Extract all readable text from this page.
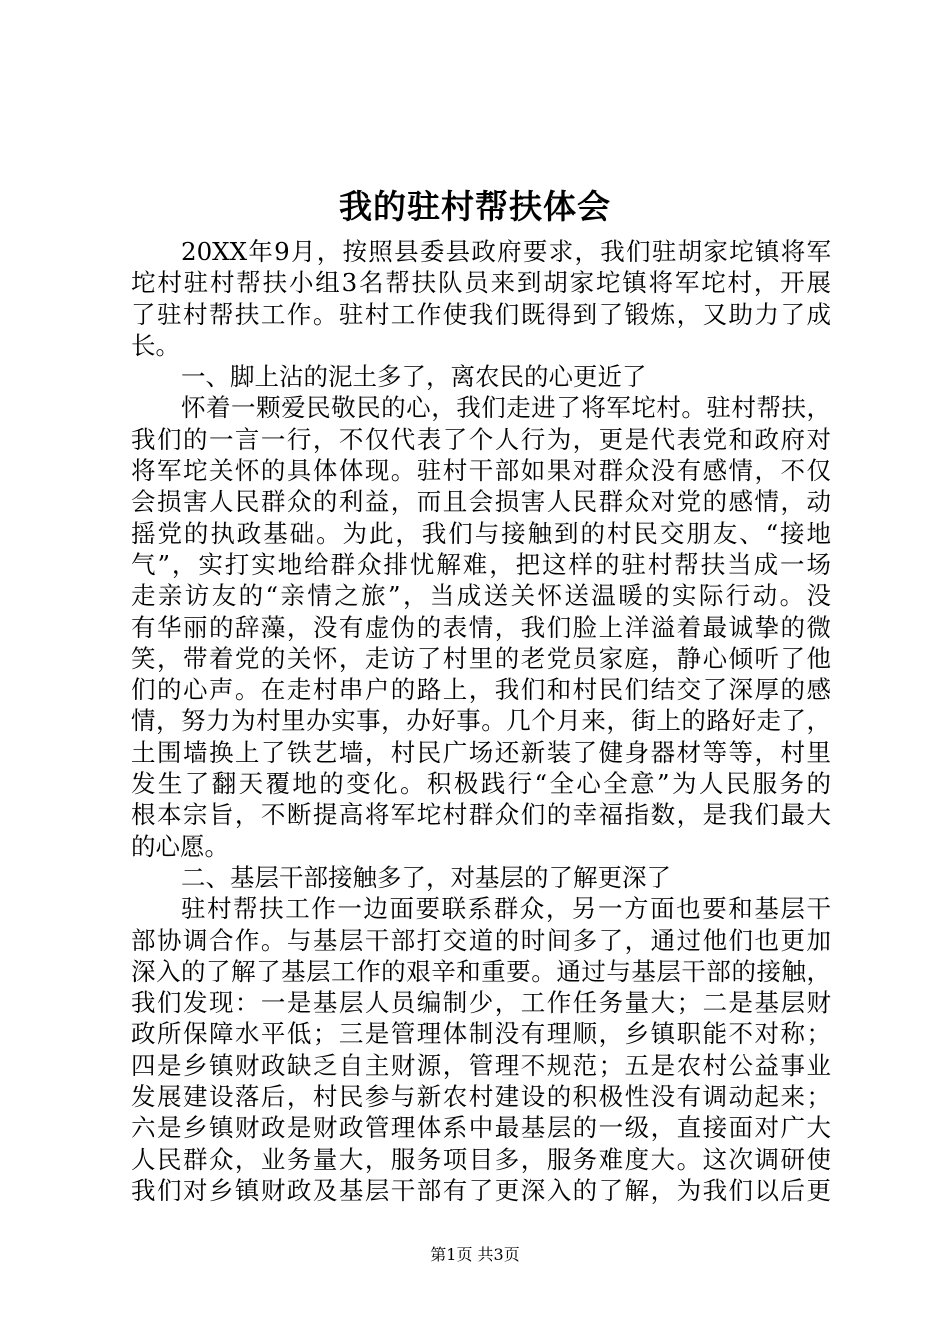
我的驻村帮扶体会
20XX年9月，按照县委县政府要求，我们驻胡家坨镇将军
坨村驻村帮扶小组3名帮扶队员来到胡家坨镇将军坨村，开展
了驻村帮扶工作。驻村工作使我们既得到了锻炼，又助力了成
长。
一、脚上沾的泥土多了，离农民的心更近了
怀着一颗爱民敬民的心，我们走进了将军坨村。驻村帮扶，
我们的一言一行，不仅代表了个人行为，更是代表党和政府对
将军坨关怀的具体体现。驻村干部如果对群众没有感情，不仅
会损害人民群众的利益，而且会损害人民群众对党的感情，动
摇党的执政基础。为此，我们与接触到的村民交朋友、“接地
气”，实打实地给群众排忧解难，把这样的驻村帮扶当成一场
走亲访友的“亲情之旅”，当成送关怀送温暖的实际行动。没
有华丽的辞藻，没有虚伪的表情，我们脸上洋溢着最诚挚的微
笑，带着党的关怀，走访了村里的老党员家庭，静心倾听了他
们的心声。在走村串户的路上，我们和村民们结交了深厚的感
情，努力为村里办实事，办好事。几个月来，街上的路好走了，
土围墙换上了铁艺墙，村民广场还新装了健身器材等等，村里
发生了翻天覆地的变化。积极践行“全心全意”为人民服务的
根本宗旨，不断提高将军坨村群众们的幸福指数，是我们最大
的心愿。
二、基层干部接触多了，对基层的了解更深了
驻村帮扶工作一边面要联系群众，另一方面也要和基层干
部协调合作。与基层干部打交道的时间多了，通过他们也更加
深入的了解了基层工作的艰辛和重要。通过与基层干部的接触，
我们发现：一是基层人员编制少，工作任务量大；二是基层财
政所保障水平低；三是管理体制没有理顺，乡镇职能不对称；
四是乡镇财政缺乏自主财源，管理不规范；五是农村公益事业
发展建设落后，村民参与新农村建设的积极性没有调动起来；
六是乡镇财政是财政管理体系中最基层的一级，直接面对广大
人民群众，业务量大，服务项目多，服务难度大。这次调研使
我们对乡镇财政及基层干部有了更深入的了解，为我们以后更
第1页 共3页
